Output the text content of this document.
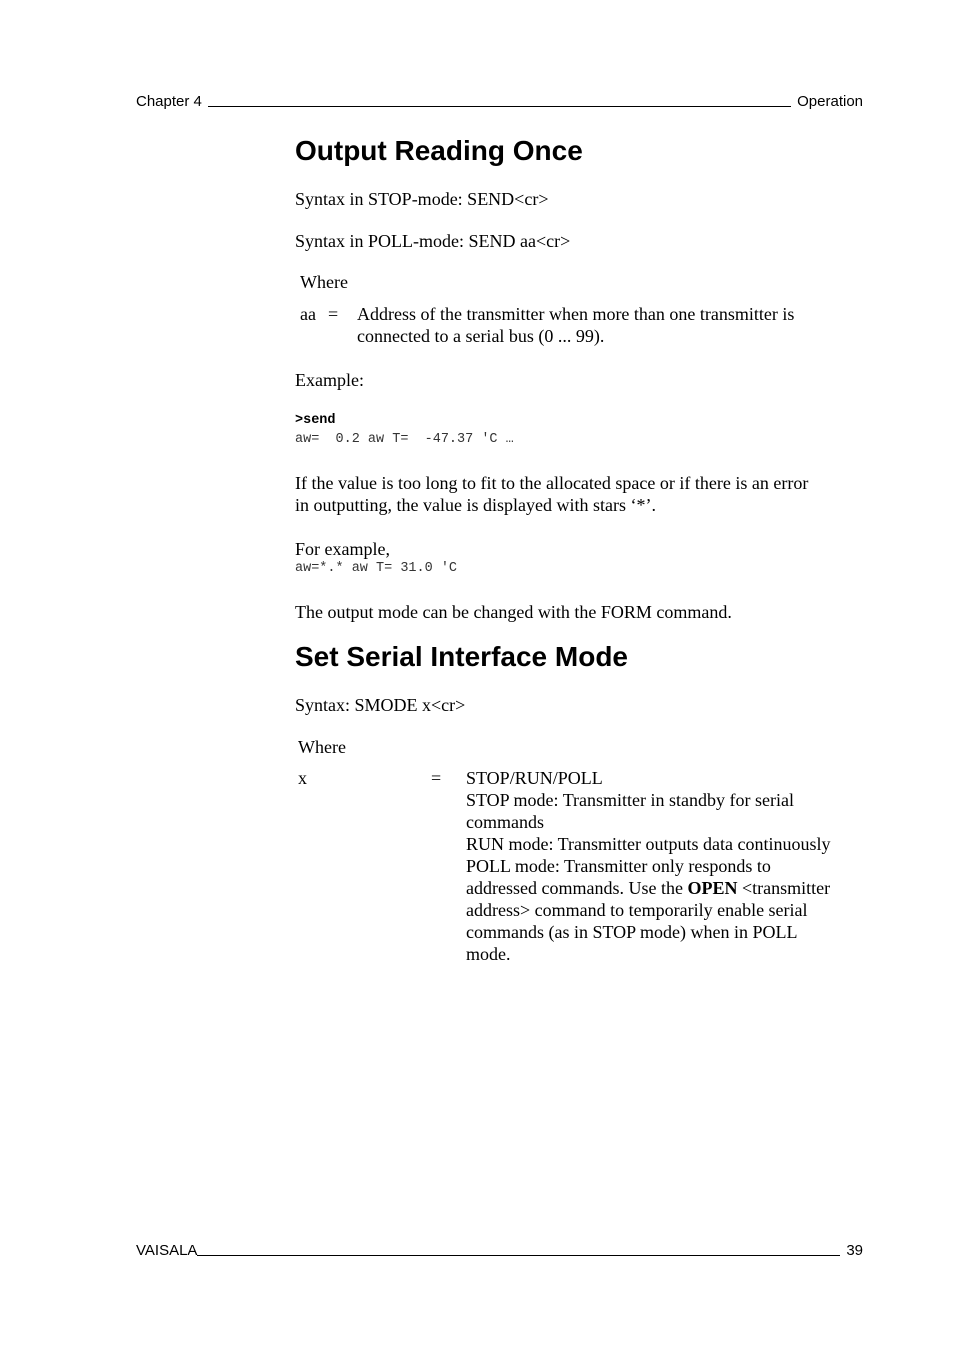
Chapter 4	Operation
Output Reading Once

Syntax in STOP-mode: SEND<cr>

Syntax in POLL-mode: SEND aa<cr>

Where

aa = Address of the transmitter when more than one transmitter is
connected to a serial bus (0 ... 99).

Example:

>send
aw=  0.2 aw T=  -47.37 'C …
If the value is too long to fit to the allocated space or if there is an error
in outputting, the value is displayed with stars ‘*’.

For example,

aw=*.* aw T= 31.0 'C

The output mode can be changed with the FORM command.

Set Serial Interface Mode

Syntax: SMODE x<cr>

Where

x	= STOP/RUN/POLL
STOP mode: Transmitter in standby for serial
commands
RUN mode: Transmitter outputs data continuously
POLL mode: Transmitter only responds to
addressed commands. Use the OPEN <transmitter
address> command to temporarily enable serial
commands (as in STOP mode) when in POLL
mode.
VAISALA	39
